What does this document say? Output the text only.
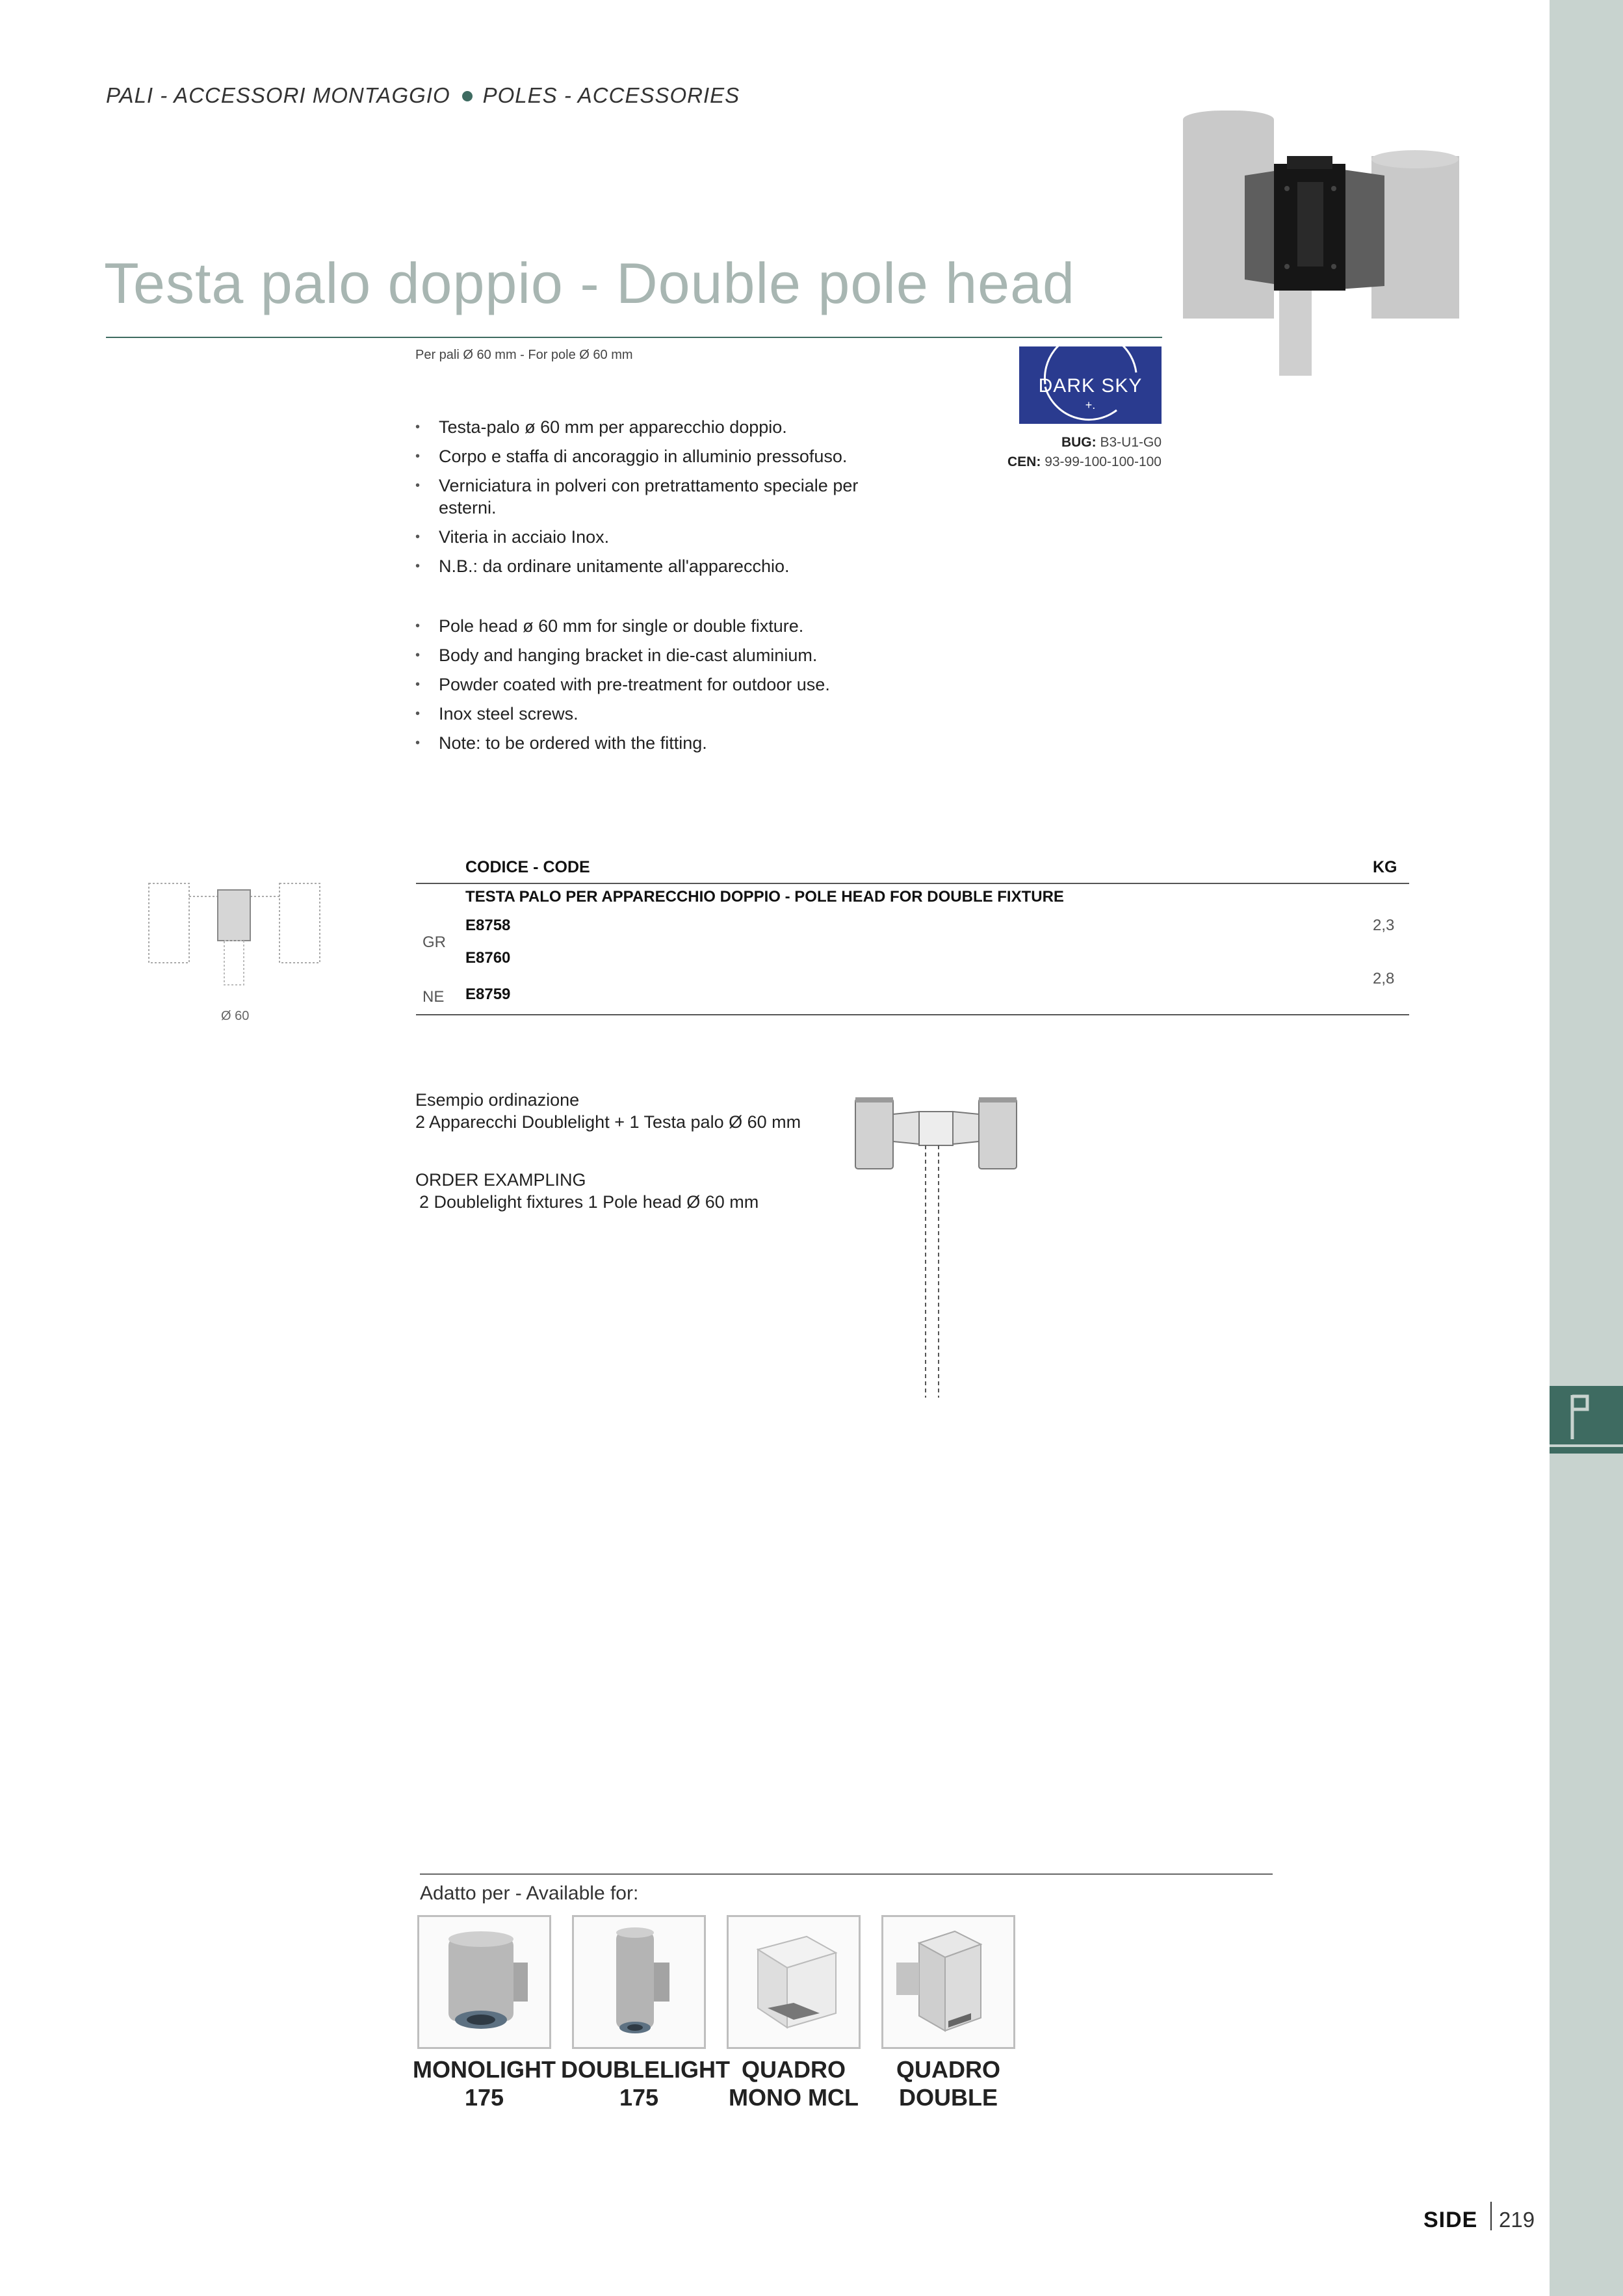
PALI - ACCESSORI MONTAGGIO POLES - ACCESSORIES
Testa palo doppio - Double pole head
Per pali Ø 60 mm - For pole Ø 60 mm
DARK SKY
+.
BUG: B3-U1-G0
CEN: 93-99-100-100-100
• Testa-palo ø 60 mm per apparecchio doppio.
• Corpo e staffa di ancoraggio in alluminio pressofuso.
• Verniciatura in polveri con pretrattamento speciale per esterni.
• Viteria in acciaio Inox.
• N.B.: da ordinare unitamente all'apparecchio.
• Pole head ø 60 mm for single or double fixture.
• Body and hanging bracket in die-cast aluminium.
• Powder coated with pre-treatment for outdoor use.
• Inox steel screws.
• Note: to be ordered with the fitting.
Ø 60
CODICE - CODE	KG
TESTA PALO PER APPARECCHIO DOPPIO - POLE HEAD FOR DOUBLE FIXTURE
E8758	2,3
GR
E8760
2,8
NE E8759
Esempio ordinazione
2 Apparecchi Doublelight + 1 Testa palo Ø 60 mm
ORDER EXAMPLING
2 Doublelight fixtures 1 Pole head Ø 60 mm
Adatto per - Available for:
MONOLIGHT
175
DOUBLELIGHT
175
QUADRO
MONO MCL
QUADRO
DOUBLE
SIDE 219
